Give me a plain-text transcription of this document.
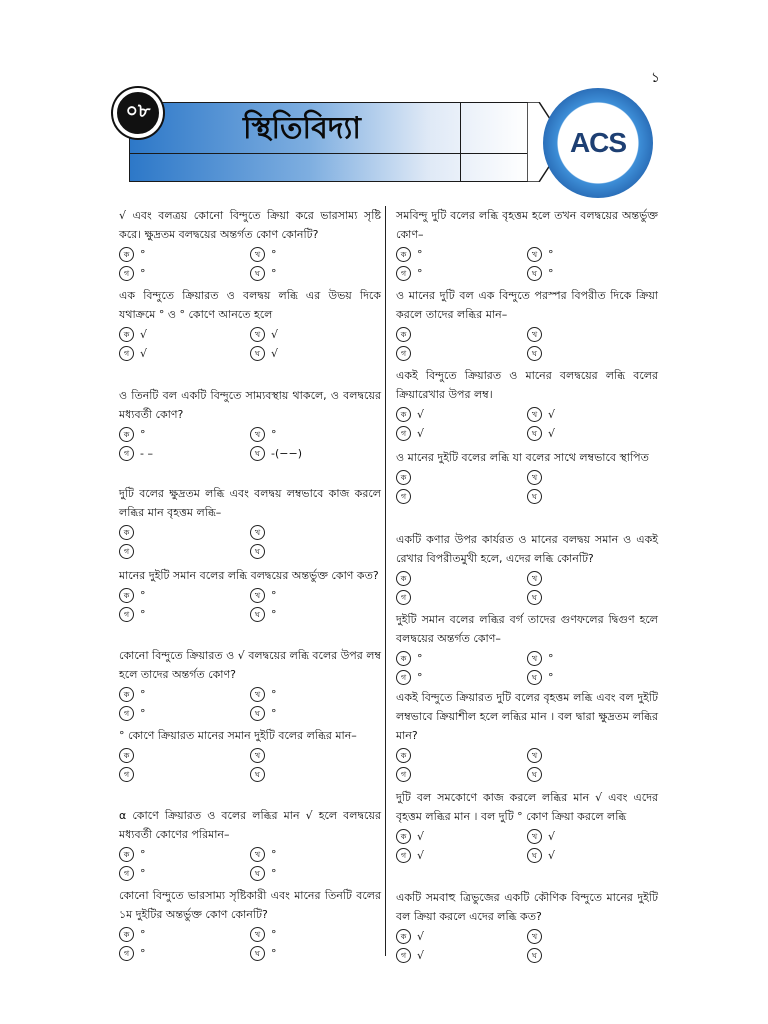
১
০৮	স্থিতিবিদ্যা	ACS
√ এবং বলত্রয় কোনো বিন্দুতে ক্রিয়া করে ভারসাম্য সৃষ্টি করে। ক্ষুদ্রতম বলদ্বয়ের অন্তর্গত কোণ কোনটি?
ক °	খ °
গ °	ঘ	°
এক বিন্দুতে ক্রিয়ারত ও বলদ্বয় লব্ধি এর উভয় দিকে যথাক্রমে ° ও ° কোণে আনতে হলে
ক √	খ √
গ √	ঘ	√
ও তিনটি বল একটি বিন্দুতে সাম্যবস্থায় থাকলে, ও বলদ্বয়ের মধ্যবর্তী কোণ?
ক °	খ °
গ - –	ঘ	-(−−)
দুটি বলের ক্ষুদ্রতম লব্ধি এবং বলদ্বয় লম্বভাবে কাজ করলে লব্ধির মান বৃহত্তম লব্ধি–
ক	খ
গ	ঘ
মানের দুইটি সমান বলের লব্ধি বলদ্বয়ের অন্তর্ভুক্ত কোণ কত?
ক °	খ °
গ °	ঘ	°
কোনো বিন্দুতে ক্রিয়ারত ও √ বলদ্বয়ের লব্ধি বলের উপর লম্ব হলে তাদের অন্তর্গত কোণ?
ক °	খ °
গ °	ঘ	°
° কোণে ক্রিয়ারত মানের সমান দুইটি বলের লব্ধির মান–
ক	খ
গ	ঘ
α কোণে ক্রিয়ারত ও বলের লব্ধির মান √ হলে বলদ্বয়ের মধ্যবর্তী কোণের পরিমান–
ক °	খ °
গ °	ঘ	°
কোনো বিন্দুতে ভারসাম্য সৃষ্টিকারী এবং মানের তিনটি বলের ১ম দুইটির অন্তর্ভুক্ত কোণ কোনটি?
ক °	খ °
গ °	ঘ	°
সমবিন্দু দুটি বলের লব্ধি বৃহত্তম হলে তখন বলদ্বয়ের অন্তর্ভুক্ত কোণ–
ক °	খ °
গ °	ঘ	°
ও মানের দুটি বল এক বিন্দুতে পরস্পর বিপরীত দিকে ক্রিয়া করলে তাদের লব্ধির মান–
ক	খ
গ	ঘ
একই বিন্দুতে ক্রিয়ারত ও মানের বলদ্বয়ের লব্ধি বলের ক্রিয়ারেখার উপর লম্ব।
ক √	খ √
গ √	ঘ	√
ও মানের দুইটি বলের লব্ধি যা বলের সাথে লম্বভাবে স্থাপিত
ক	খ
গ	ঘ
একটি কণার উপর কার্যরত ও মানের বলদ্বয় সমান ও একই রেখার বিপরীতমুখী হলে, এদের লব্ধি কোনটি?
ক	খ
গ	ঘ
দুইটি সমান বলের লব্ধির বর্গ তাদের গুণফলের দ্বিগুণ হলে বলদ্বয়ের অন্তর্গত কোণ–
ক °	খ °
গ °	ঘ	°
একই বিন্দুতে ক্রিয়ারত দুটি বলের বৃহত্তম লব্ধি এবং বল দুইটি লম্বভাবে ক্রিয়াশীল হলে লব্ধির মান । বল দ্বারা ক্ষুদ্রতম লব্ধির মান?
ক	খ
গ	ঘ
দুটি বল সমকোণে কাজ করলে লব্ধির মান √ এবং এদের বৃহত্তম লব্ধির মান । বল দুটি ° কোণ ক্রিয়া করলে লব্ধি
ক √	খ √
গ √	ঘ	√
একটি সমবাহু ত্রিভুজের একটি কৌণিক বিন্দুতে মানের দুইটি বল ক্রিয়া করলে এদের লব্ধি কত?
ক √	খ
গ √	ঘ
